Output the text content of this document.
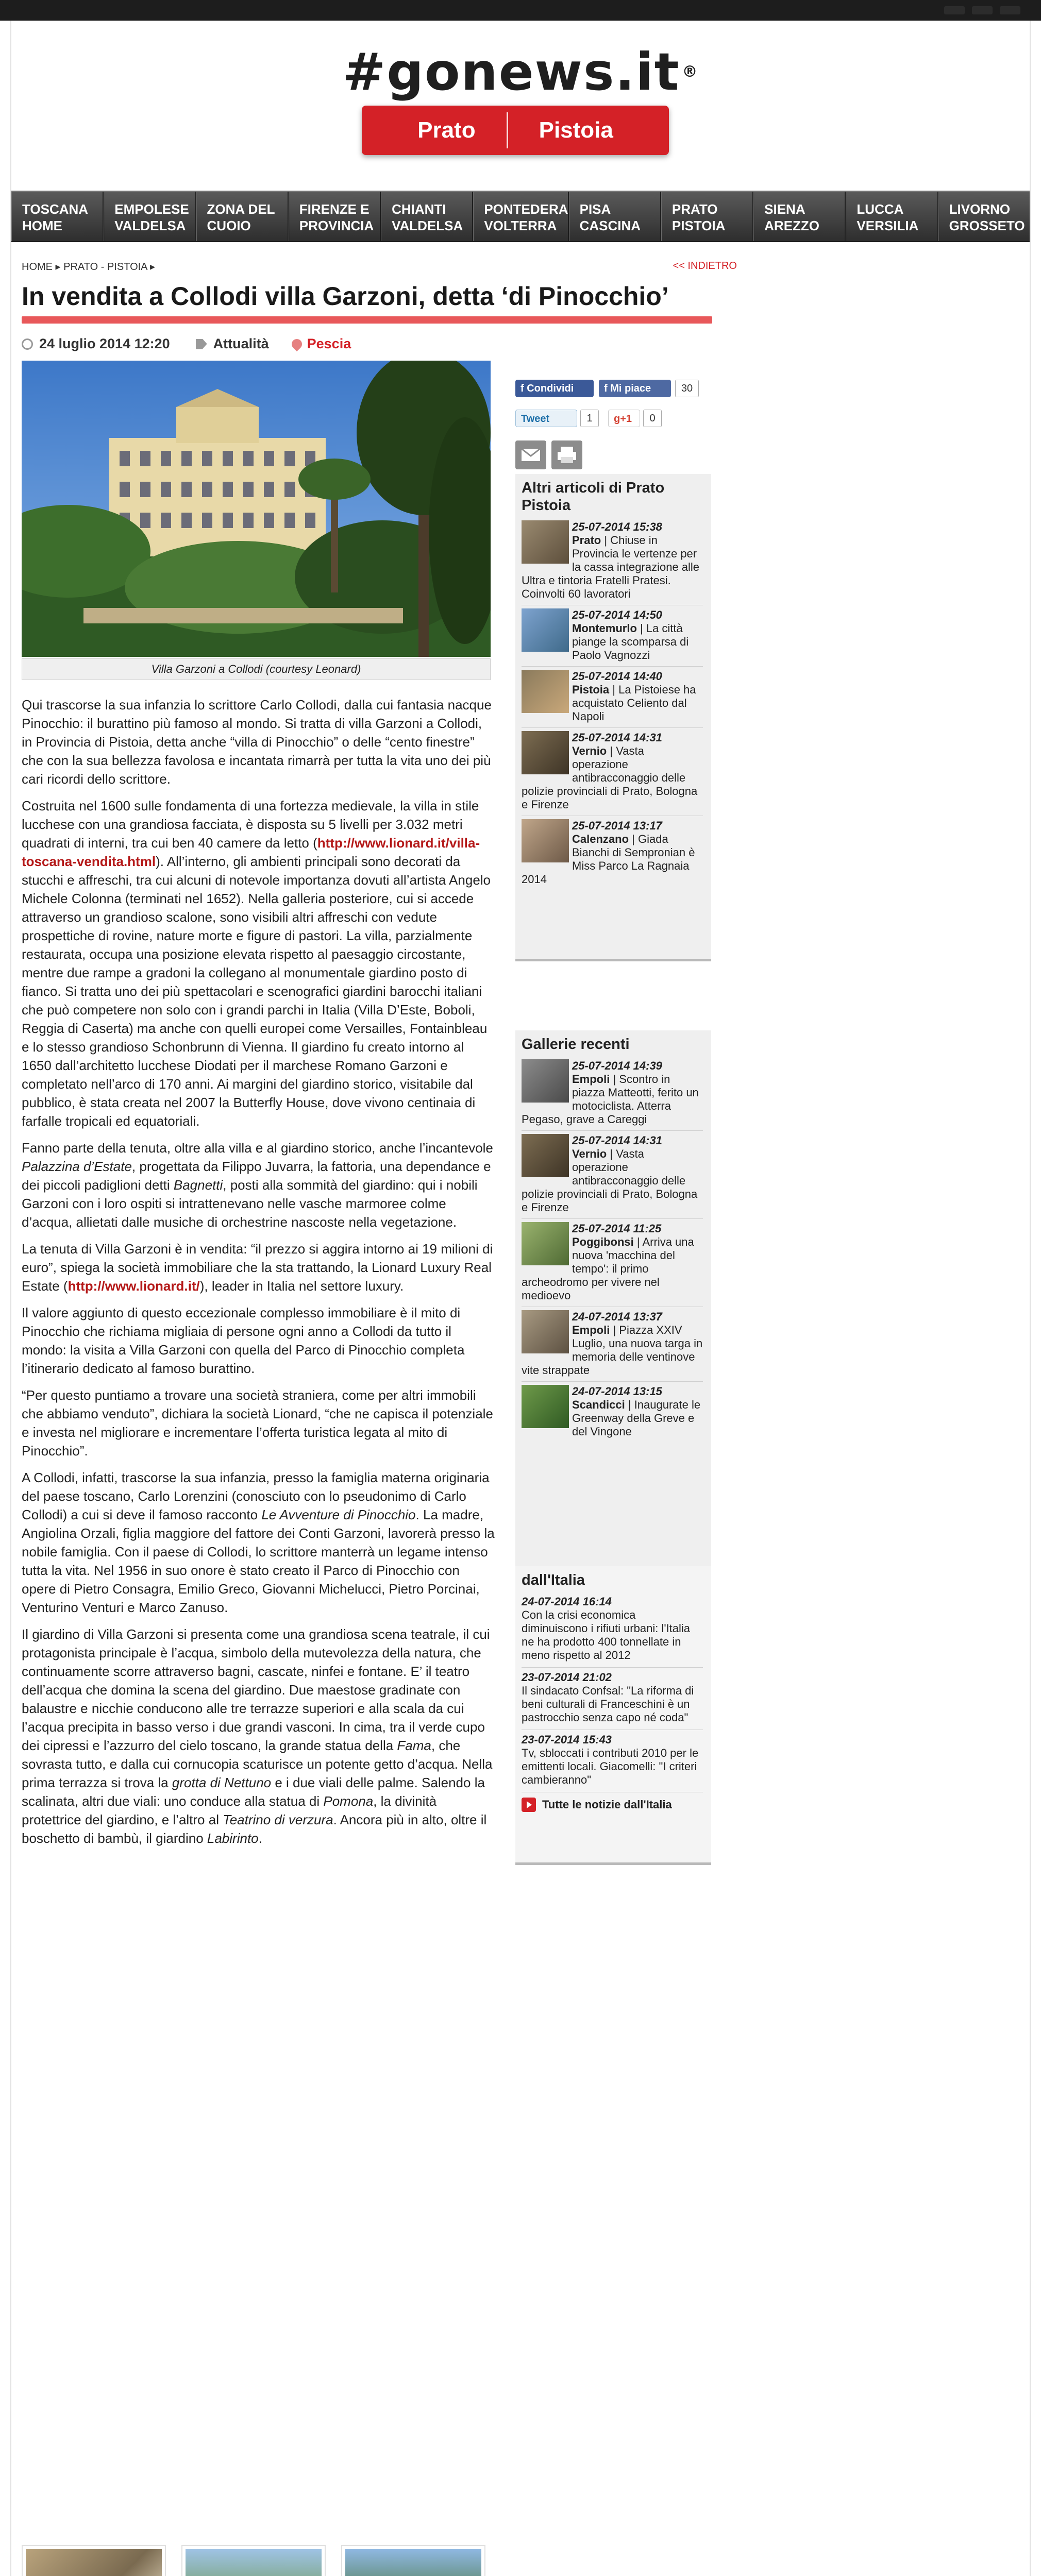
#gonews.it ®
Prato	Pistoia
TOSCANA HOME
EMPOLESE VALDELSA
ZONA DEL CUOIO
FIRENZE E PROVINCIA
CHIANTI VALDELSA
PONTEDERA VOLTERRA
PISA CASCINA
PRATO PISTOIA
SIENA AREZZO
LUCCA VERSILIA
LIVORNO GROSSETO
HOME ▸ PRATO - PISTOIA ▸	<< INDIETRO
In vendita a Collodi villa Garzoni, detta ‘di Pinocchio’
24 luglio 2014 12:20	Attualità	Pescia
Villa Garzoni a Collodi (courtesy Leonard)

Qui trascorse la sua infanzia lo scrittore Carlo Collodi, dalla cui fantasia nacque Pinocchio: il burattino più famoso al mondo. Si tratta di villa Garzoni a Collodi, in Provincia di Pistoia, detta anche “villa di Pinocchio” o delle “cento finestre” che con la sua bellezza favolosa e incantata rimarrà per tutta la vita uno dei più cari ricordi dello scrittore.

Costruita nel 1600 sulle fondamenta di una fortezza medievale, la villa in stile lucchese con una grandiosa facciata, è disposta su 5 livelli per 3.032 metri quadrati di interni, tra cui ben 40 camere da letto (http://www.lionard.it/villa-toscana-vendita.html). All’interno, gli ambienti principali sono decorati da stucchi e affreschi, tra cui alcuni di notevole importanza dovuti all’artista Angelo Michele Colonna (terminati nel 1652). Nella galleria posteriore, cui si accede attraverso un grandioso scalone, sono visibili altri affreschi con vedute prospettiche di rovine, nature morte e figure di pastori. La villa, parzialmente restaurata, occupa una posizione elevata rispetto al paesaggio circostante, mentre due rampe a gradoni la collegano al monumentale giardino posto di fianco. Si tratta uno dei più spettacolari e scenografici giardini barocchi italiani che può competere non solo con i grandi parchi in Italia (Villa D’Este, Boboli, Reggia di Caserta) ma anche con quelli europei come Versailles, Fontainbleau e lo stesso grandioso Schonbrunn di Vienna. Il giardino fu creato intorno al 1650 dall’architetto lucchese Diodati per il marchese Romano Garzoni e completato nell’arco di 170 anni. Ai margini del giardino storico, visitabile dal pubblico, è stata creata nel 2007 la Butterfly House, dove vivono centinaia di farfalle tropicali ed equatoriali.

Fanno parte della tenuta, oltre alla villa e al giardino storico, anche l’incantevole Palazzina d’Estate, progettata da Filippo Juvarra, la fattoria, una dependance e dei piccoli padiglioni detti Bagnetti, posti alla sommità del giardino: qui i nobili Garzoni con i loro ospiti si intrattenevano nelle vasche marmoree colme d’acqua, allietati dalle musiche di orchestrine nascoste nella vegetazione.

La tenuta di Villa Garzoni è in vendita: “il prezzo si aggira intorno ai 19 milioni di euro”, spiega la società immobiliare che la sta trattando, la Lionard Luxury Real Estate (http://www.lionard.it/), leader in Italia nel settore luxury.

Il valore aggiunto di questo eccezionale complesso immobiliare è il mito di Pinocchio che richiama migliaia di persone ogni anno a Collodi da tutto il mondo: la visita a Villa Garzoni con quella del Parco di Pinocchio completa l’itinerario dedicato al famoso burattino.

“Per questo puntiamo a trovare una società straniera, come per altri immobili che abbiamo venduto”, dichiara la società Lionard, “che ne capisca il potenziale e investa nel migliorare e incrementare l’offerta turistica legata al mito di Pinocchio”.

A Collodi, infatti, trascorse la sua infanzia, presso la famiglia materna originaria del paese toscano, Carlo Lorenzini (conosciuto con lo pseudonimo di Carlo Collodi) a cui si deve il famoso racconto Le Avventure di Pinocchio. La madre, Angiolina Orzali, figlia maggiore del fattore dei Conti Garzoni, lavorerà presso la nobile famiglia. Con il paese di Collodi, lo scrittore manterrà un legame intenso tutta la vita. Nel 1956 in suo onore è stato creato il Parco di Pinocchio con opere di Pietro Consagra, Emilio Greco, Giovanni Michelucci, Pietro Porcinai, Venturino Venturi e Marco Zanuso.

Il giardino di Villa Garzoni si presenta come una grandiosa scena teatrale, il cui protagonista principale è l’acqua, simbolo della mutevolezza della natura, che continuamente scorre attraverso bagni, cascate, ninfei e fontane. E’ il teatro dell’acqua che domina la scena del giardino. Due maestose gradinate con balaustre e nicchie conducono alle tre terrazze superiori e alla scala da cui l’acqua precipita in basso verso i due grandi vasconi. In cima, tra il verde cupo dei cipressi e l’azzurro del cielo toscano, la grande statua della Fama, che sovrasta tutto, e dalla cui cornucopia scaturisce un potente getto d’acqua. Nella prima terrazza si trova la grotta di Nettuno e i due viali delle palme. Salendo la scalinata, altri due viali: uno conduce alla statua di Pomona, la divinità protettrice del giardino, e l’altro al Teatrino di verzura. Ancora più in alto, oltre il boschetto di bambù, il giardino Labirinto.

f Condividi	f Mi piace	30
Tweet	1	g+1	0
Altri articoli di Prato Pistoia
25-07-2014 15:38
Prato | Chiuse in Provincia le vertenze per la cassa integrazione alle Ultra e tintoria Fratelli Pratesi. Coinvolti 60 lavoratori
25-07-2014 14:50
Montemurlo | La città piange la scomparsa di Paolo Vagnozzi
25-07-2014 14:40
Pistoia | La Pistoiese ha acquistato Celiento dal Napoli
25-07-2014 14:31
Vernio | Vasta operazione antibracconaggio delle polizie provinciali di Prato, Bologna e Firenze
25-07-2014 13:17
Calenzano | Giada Bianchi di Sempronian è Miss Parco La Ragnaia 2014
Gallerie recenti
25-07-2014 14:39
Empoli | Scontro in piazza Matteotti, ferito un motociclista. Atterra Pegaso, grave a Careggi
25-07-2014 14:31
Vernio | Vasta operazione antibracconaggio delle polizie provinciali di Prato, Bologna e Firenze
25-07-2014 11:25
Poggibonsi | Arriva una nuova 'macchina del tempo': il primo archeodromo per vivere nel medioevo
24-07-2014 13:37
Empoli | Piazza XXIV Luglio, una nuova targa in memoria delle ventinove vite strappate
24-07-2014 13:15
Scandicci | Inaugurate le Greenway della Greve e del Vingone
dall'Italia
24-07-2014 16:14
Con la crisi economica diminuiscono i rifiuti urbani: l'Italia ne ha prodotto 400 tonnellate in meno rispetto al 2012
23-07-2014 21:02
Il sindacato Confsal: "La riforma di beni culturali di Franceschini è un pastrocchio senza capo né coda"
23-07-2014 15:43
Tv, sbloccati i contributi 2010 per le emittenti locali. Giacomelli: "I criteri cambieranno"
Tutte le notizie dall'Italia
